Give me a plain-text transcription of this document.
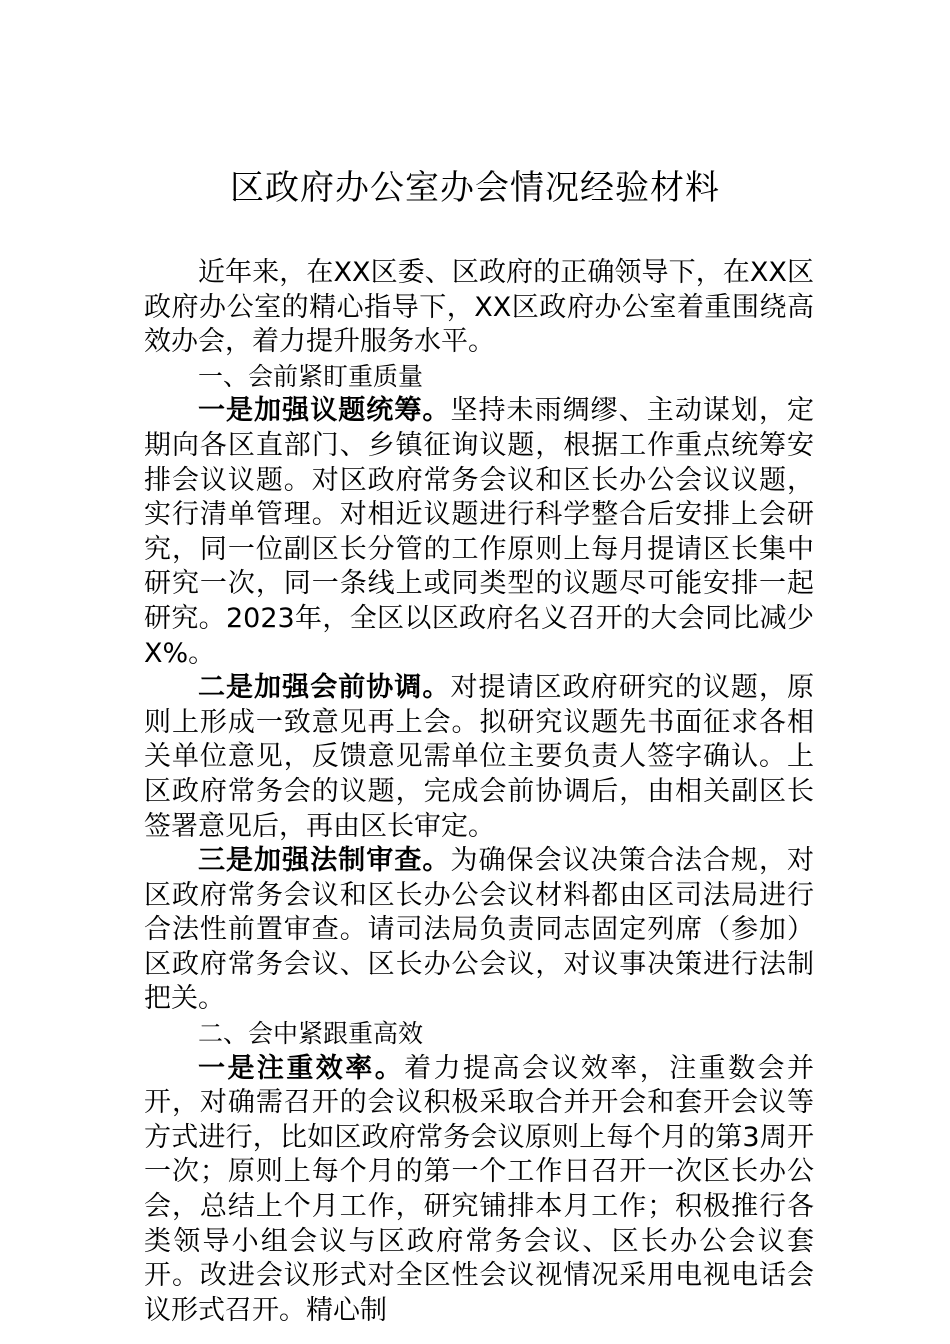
区政府办公室办会情况经验材料

近年来，在XX区委、区政府的正确领导下，在XX区政府办公室的精心指导下，XX区政府办公室着重围绕高效办会，着力提升服务水平。

一、会前紧盯重质量

一是加强议题统筹。坚持未雨绸缪、主动谋划，定期向各区直部门、乡镇征询议题，根据工作重点统筹安排会议议题。对区政府常务会议和区长办公会议议题，实行清单管理。对相近议题进行科学整合后安排上会研究，同一位副区长分管的工作原则上每月提请区长集中研究一次，同一条线上或同类型的议题尽可能安排一起研究。2023年，全区以区政府名义召开的大会同比减少X%。

二是加强会前协调。对提请区政府研究的议题，原则上形成一致意见再上会。拟研究议题先书面征求各相关单位意见，反馈意见需单位主要负责人签字确认。上区政府常务会的议题，完成会前协调后，由相关副区长签署意见后，再由区长审定。

三是加强法制审查。为确保会议决策合法合规，对区政府常务会议和区长办公会议材料都由区司法局进行合法性前置审查。请司法局负责同志固定列席（参加）区政府常务会议、区长办公会议，对议事决策进行法制把关。

二、会中紧跟重高效

一是注重效率。着力提高会议效率，注重数会并开，对确需召开的会议积极采取合并开会和套开会议等方式进行，比如区政府常务会议原则上每个月的第3周开一次；原则上每个月的第一个工作日召开一次区长办公会，总结上个月工作，研究铺排本月工作；积极推行各类领导小组会议与区政府常务会议、区长办公会议套开。改进会议形式对全区性会议视情况采用电视电话会议形式召开。精心制
